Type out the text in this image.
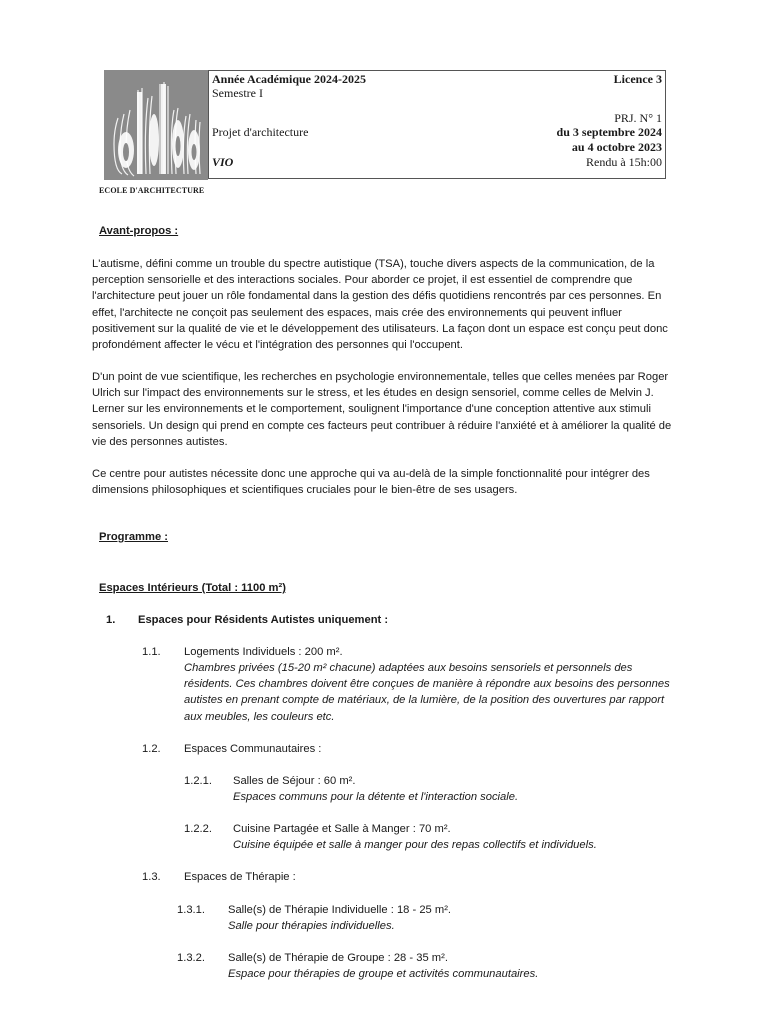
ECOLE D'ARCHITECTURE
Année Académique 2024-2025
Semestre I
Licence 3
PRJ. N° 1
Projet d'architecture	du 3 septembre 2024
au 4 octobre 2023
VIO	Rendu à 15h:00
Avant-propos :

L'autisme, défini comme un trouble du spectre autistique (TSA), touche divers aspects de la communication, de la perception sensorielle et des interactions sociales. Pour aborder ce projet, il est essentiel de comprendre que l'architecture peut jouer un rôle fondamental dans la gestion des défis quotidiens rencontrés par ces personnes. En effet, l'architecte ne conçoit pas seulement des espaces, mais crée des environnements qui peuvent influer positivement sur la qualité de vie et le développement des utilisateurs. La façon dont un espace est conçu peut donc profondément affecter le vécu et l'intégration des personnes qui l'occupent.

D'un point de vue scientifique, les recherches en psychologie environnementale, telles que celles menées par Roger Ulrich sur l'impact des environnements sur le stress, et les études en design sensoriel, comme celles de Melvin J. Lerner sur les environnements et le comportement, soulignent l'importance d'une conception attentive aux stimuli sensoriels. Un design qui prend en compte ces facteurs peut contribuer à réduire l'anxiété et à améliorer la qualité de vie des personnes autistes.

Ce centre pour autistes nécessite donc une approche qui va au-delà de la simple fonctionnalité pour intégrer des dimensions philosophiques et scientifiques cruciales pour le bien-être de ses usagers.

Programme :
Espaces Intérieurs (Total : 1100 m²)
1. Espaces pour Résidents Autistes uniquement :
1.1. Logements Individuels : 200 m².
Chambres privées (15-20 m² chacune) adaptées aux besoins sensoriels et personnels des résidents. Ces chambres doivent être conçues de manière à répondre aux besoins des personnes autistes en prenant compte de matériaux, de la lumière, de la position des ouvertures par rapport aux meubles, les couleurs etc.
1.2. Espaces Communautaires :
1.2.1. Salles de Séjour : 60 m².
Espaces communs pour la détente et l'interaction sociale.
1.2.2. Cuisine Partagée et Salle à Manger : 70 m².
Cuisine équipée et salle à manger pour des repas collectifs et individuels.
1.3. Espaces de Thérapie :
1.3.1. Salle(s) de Thérapie Individuelle : 18 - 25 m².
Salle pour thérapies individuelles.
1.3.2. Salle(s) de Thérapie de Groupe : 28 - 35 m².
Espace pour thérapies de groupe et activités communautaires.
